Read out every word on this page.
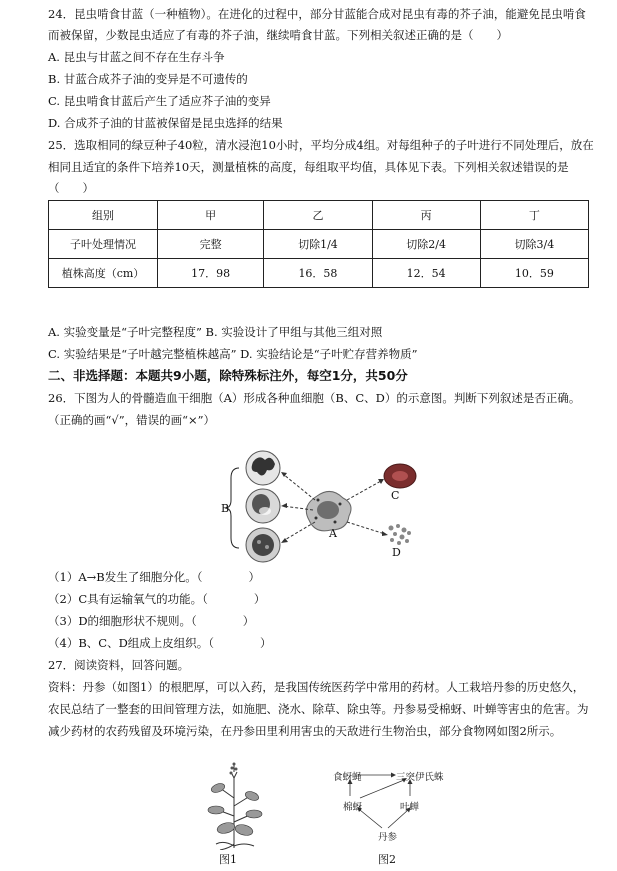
24．昆虫啃食甘蓝（一种植物）。在进化的过程中，部分甘蓝能合成对昆虫有毒的芥子油，能避免昆虫啃食
而被保留，少数昆虫适应了有毒的芥子油，继续啃食甘蓝。下列相关叙述正确的是（　　）
A. 昆虫与甘蓝之间不存在生存斗争
B. 甘蓝合成芥子油的变异是不可遗传的
C. 昆虫啃食甘蓝后产生了适应芥子油的变异
D. 合成芥子油的甘蓝被保留是昆虫选择的结果
25．选取相同的绿豆种子40粒，清水浸泡10小时，平均分成4组。对每组种子的子叶进行不同处理后，放在
相同且适宜的条件下培养10天，测量植株的高度，每组取平均值，具体见下表。下列相关叙述错误的是
（　　）
组别	甲	乙	丙	丁
子叶处理情况	完整	切除1/4	切除2/4	切除3/4
植株高度（cm）	17．98	16．58	12．54	10．59
A. 实验变量是“子叶完整程度” B. 实验设计了甲组与其他三组对照
C. 实验结果是“子叶越完整植株越高” D. 实验结论是“子叶贮存营养物质”
二、非选择题：本题共9小题，除特殊标注外，每空1分，共50分
26．下图为人的骨髓造血干细胞（A）形成各种血细胞（B、C、D）的示意图。判断下列叙述是否正确。
（正确的画“√”，错误的画“×”）
B
A
C
D
（1）A→B发生了细胞分化。（　　　　）
（2）C具有运输氧气的功能。（　　　　）
（3）D的细胞形状不规则。（　　　　）
（4）B、C、D组成上皮组织。（　　　　）
27．阅读资料，回答问题。
资料：丹参（如图1）的根肥厚，可以入药，是我国传统医药学中常用的药材。人工栽培丹参的历史悠久，
农民总结了一整套的田间管理方法，如施肥、浇水、除草、除虫等。丹参易受棉蚜、叶蝉等害虫的危害。为
减少药材的农药残留及环境污染，在丹参田里利用害虫的天敌进行生物治虫，部分食物网如图2所示。
图1
食蚜蝇	三突伊氏蛛
棉蚜	叶蝉
丹参
图2
